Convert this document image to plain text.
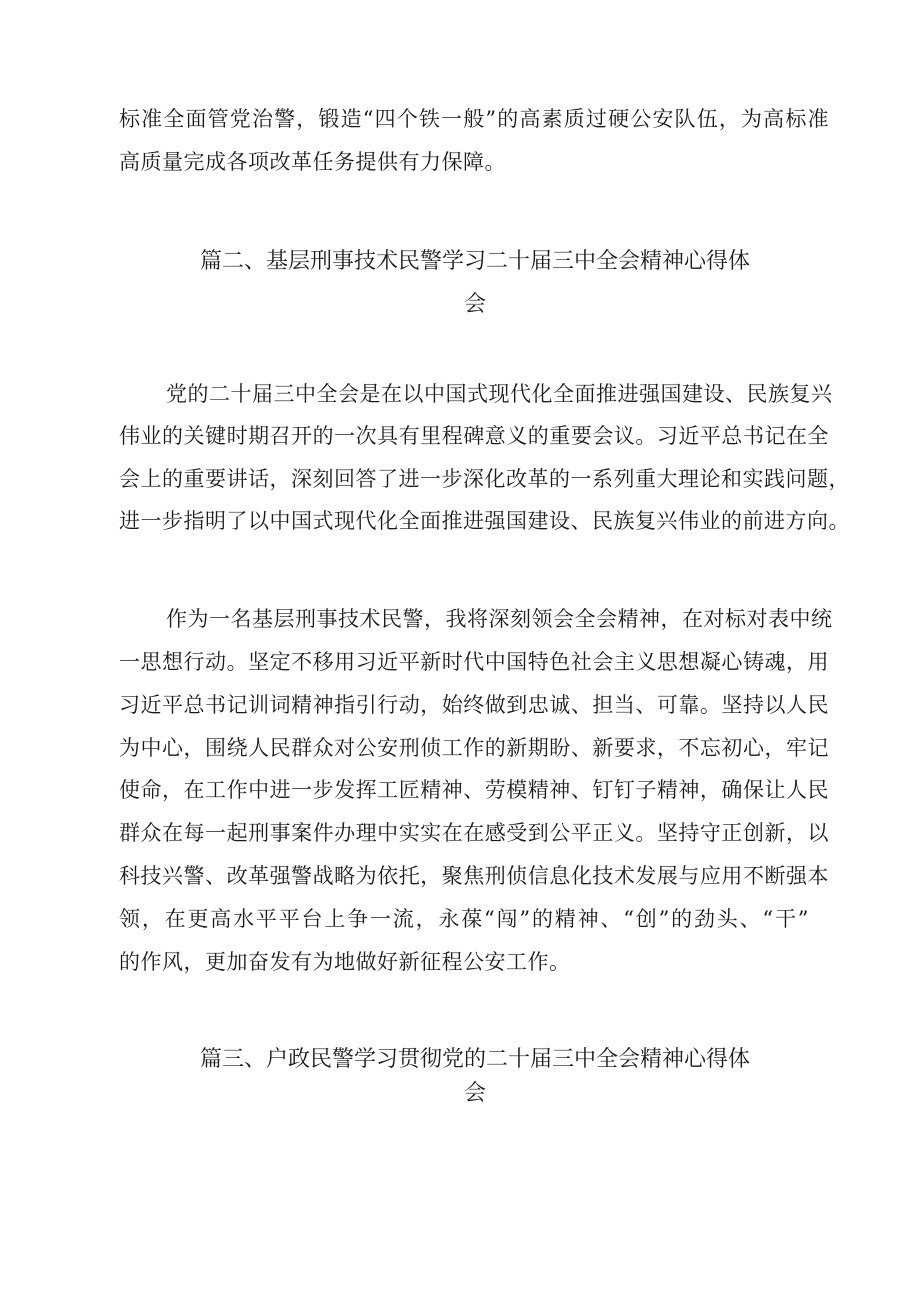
标准全面管党治警，锻造“四个铁一般”的高素质过硬公安队伍，为高标准
高质量完成各项改革任务提供有力保障。
篇二、基层刑事技术民警学习二十届三中全会精神心得体
会
党的二十届三中全会是在以中国式现代化全面推进强国建设、民族复兴
伟业的关键时期召开的一次具有里程碑意义的重要会议。习近平总书记在全
会上的重要讲话，深刻回答了进一步深化改革的一系列重大理论和实践问题，
进一步指明了以中国式现代化全面推进强国建设、民族复兴伟业的前进方向。
作为一名基层刑事技术民警，我将深刻领会全会精神，在对标对表中统
一思想行动。坚定不移用习近平新时代中国特色社会主义思想凝心铸魂，用
习近平总书记训词精神指引行动，始终做到忠诚、担当、可靠。坚持以人民
为中心，围绕人民群众对公安刑侦工作的新期盼、新要求，不忘初心，牢记
使命，在工作中进一步发挥工匠精神、劳模精神、钉钉子精神，确保让人民
群众在每一起刑事案件办理中实实在在感受到公平正义。坚持守正创新，以
科技兴警、改革强警战略为依托，聚焦刑侦信息化技术发展与应用不断强本
领，在更高水平平台上争一流，永葆“闯”的精神、“创”的劲头、“干”
的作风，更加奋发有为地做好新征程公安工作。
篇三、户政民警学习贯彻党的二十届三中全会精神心得体
会
